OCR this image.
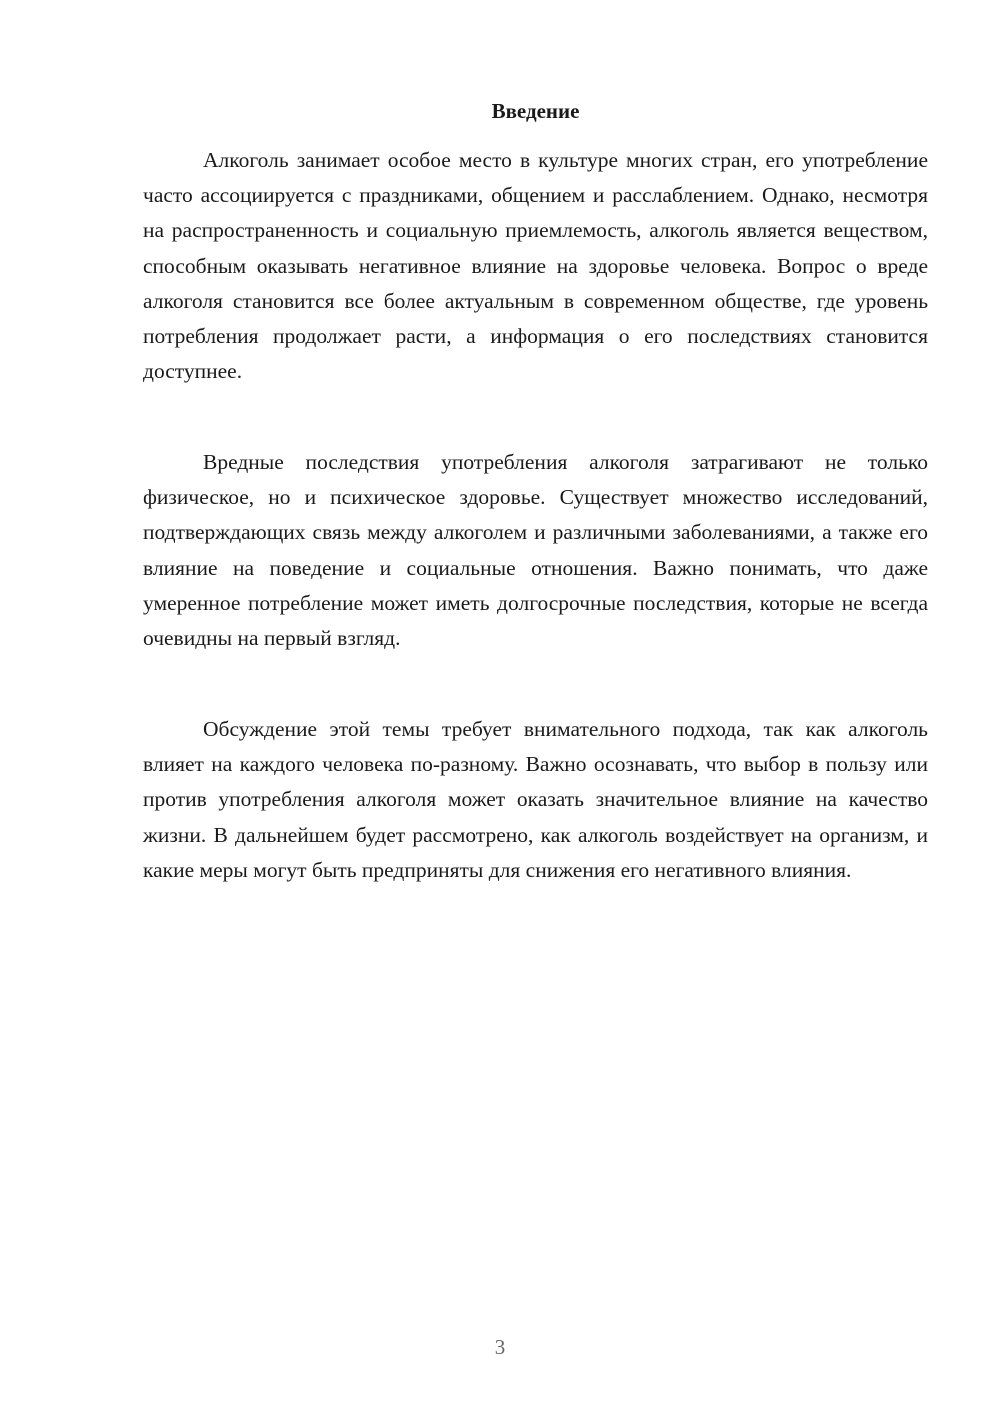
Введение

Алкоголь занимает особое место в культуре многих стран, его употребление часто ассоциируется с праздниками, общением и расслаблением. Однако, несмотря на распространенность и социальную приемлемость, алкоголь является веществом, способным оказывать негативное влияние на здоровье человека. Вопрос о вреде алкоголя становится все более актуальным в современном обществе, где уровень потребления продолжает расти, а информация о его последствиях становится доступнее.

Вредные последствия употребления алкоголя затрагивают не только физическое, но и психическое здоровье. Существует множество исследований, подтверждающих связь между алкоголем и различными заболеваниями, а также его влияние на поведение и социальные отношения. Важно понимать, что даже умеренное потребление может иметь долгосрочные последствия, которые не всегда очевидны на первый взгляд.

Обсуждение этой темы требует внимательного подхода, так как алкоголь влияет на каждого человека по-разному. Важно осознавать, что выбор в пользу или против употребления алкоголя может оказать значительное влияние на качество жизни. В дальнейшем будет рассмотрено, как алкоголь воздействует на организм, и какие меры могут быть предприняты для снижения его негативного влияния.

3
